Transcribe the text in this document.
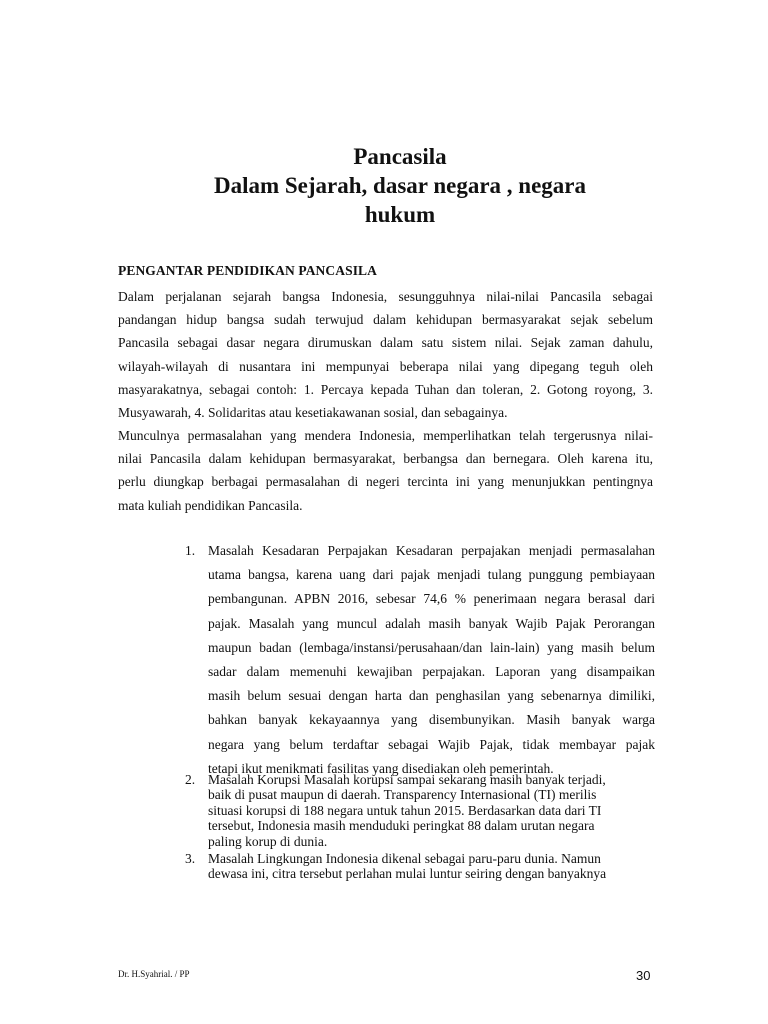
Pancasila
Dalam Sejarah, dasar negara , negara
hukum
PENGANTAR PENDIDIKAN PANCASILA
Dalam perjalanan sejarah bangsa Indonesia, sesungguhnya nilai-nilai Pancasila sebagai
pandangan hidup bangsa sudah terwujud dalam kehidupan bermasyarakat sejak sebelum
Pancasila sebagai dasar negara dirumuskan dalam satu sistem nilai. Sejak zaman dahulu,
wilayah-wilayah di nusantara ini mempunyai beberapa nilai yang dipegang teguh oleh
masyarakatnya, sebagai contoh: 1. Percaya kepada Tuhan dan toleran, 2. Gotong royong, 3.
Musyawarah, 4. Solidaritas atau kesetiakawanan sosial, dan sebagainya.
Munculnya permasalahan yang mendera Indonesia, memperlihatkan telah tergerusnya nilai-
nilai Pancasila dalam kehidupan bermasyarakat, berbangsa dan bernegara. Oleh karena itu,
perlu diungkap berbagai permasalahan di negeri tercinta ini yang menunjukkan pentingnya
mata kuliah pendidikan Pancasila.
1. Masalah Kesadaran Perpajakan Kesadaran perpajakan menjadi permasalahan
utama bangsa, karena uang dari pajak menjadi tulang punggung pembiayaan
pembangunan. APBN 2016, sebesar 74,6 % penerimaan negara berasal dari
pajak. Masalah yang muncul adalah masih banyak Wajib Pajak Perorangan
maupun badan (lembaga/instansi/perusahaan/dan lain-lain) yang masih belum
sadar dalam memenuhi kewajiban perpajakan. Laporan yang disampaikan
masih belum sesuai dengan harta dan penghasilan yang sebenarnya dimiliki,
bahkan banyak kekayaannya yang disembunyikan. Masih banyak warga
negara yang belum terdaftar sebagai Wajib Pajak, tidak membayar pajak
tetapi ikut menikmati fasilitas yang disediakan oleh pemerintah.
2. Masalah Korupsi Masalah korupsi sampai sekarang masih banyak terjadi,
baik di pusat maupun di daerah. Transparency Internasional (TI) merilis
situasi korupsi di 188 negara untuk tahun 2015. Berdasarkan data dari TI
tersebut, Indonesia masih menduduki peringkat 88 dalam urutan negara
paling korup di dunia.
3. Masalah Lingkungan Indonesia dikenal sebagai paru-paru dunia. Namun
dewasa ini, citra tersebut perlahan mulai luntur seiring dengan banyaknya
Dr. H.Syahrial. / PP	30
